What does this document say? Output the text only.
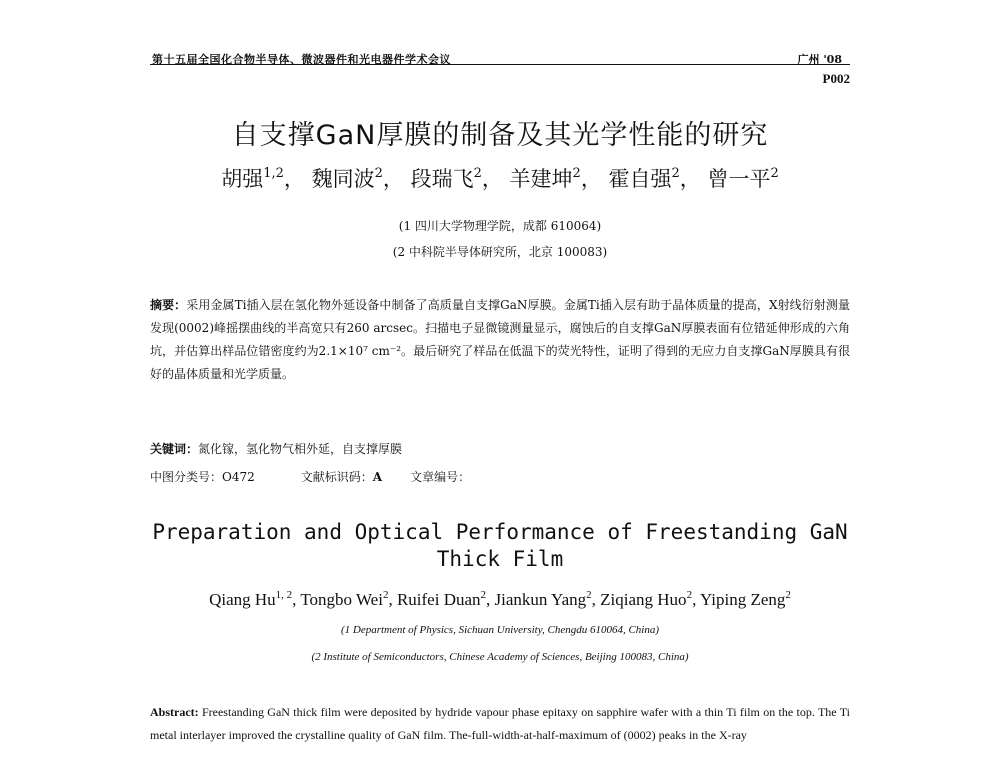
第十五届全国化合物半导体、微波器件和光电器件学术会议	广州 '08
P002
自支撑GaN厚膜的制备及其光学性能的研究
胡强$^{1,2}$， 魏同波$^2$， 段瑞飞$^2$， 羊建坤$^2$， 霍自强$^2$， 曾一平$^2$
(1 四川大学物理学院，成都 610064)
(2 中科院半导体研究所，北京 100083)
摘要：采用金属Ti插入层在氢化物外延设备中制备了高质量自支撑GaN厚膜。金属Ti插入层有助于晶体质量的提高，X射线衍射测量发现(0002)峰摇摆曲线的半高宽只有260 arcsec。扫描电子显微镜测量显示，腐蚀后的自支撑GaN厚膜表面有位错延伸形成的六角坑，并估算出样品位错密度约为2.1×10⁷ cm⁻²。最后研究了样品在低温下的荧光特性，证明了得到的无应力自支撑GaN厚膜具有很好的晶体质量和光学质量。
关键词：氮化镓，氢化物气相外延，自支撑厚膜
中图分类号：O472	文献标识码：A 文章编号：
Preparation and Optical Performance of Freestanding GaN
Thick Film
Qiang Hu$^{1, 2}$, Tongbo Wei$^2$, Ruifei Duan$^2$, Jiankun Yang$^2$, Ziqiang Huo$^2$, Yiping Zeng$^2$
(1 Department of Physics, Sichuan University, Chengdu 610064, China)
(2 Institute of Semiconductors, Chinese Academy of Sciences, Beijing 100083, China)
Abstract: Freestanding GaN thick film were deposited by hydride vapour phase epitaxy on sapphire wafer with a thin Ti film on the top. The Ti metal interlayer improved the crystalline quality of GaN film. The-full-width-at-half-maximum of (0002) peaks in the X-ray
